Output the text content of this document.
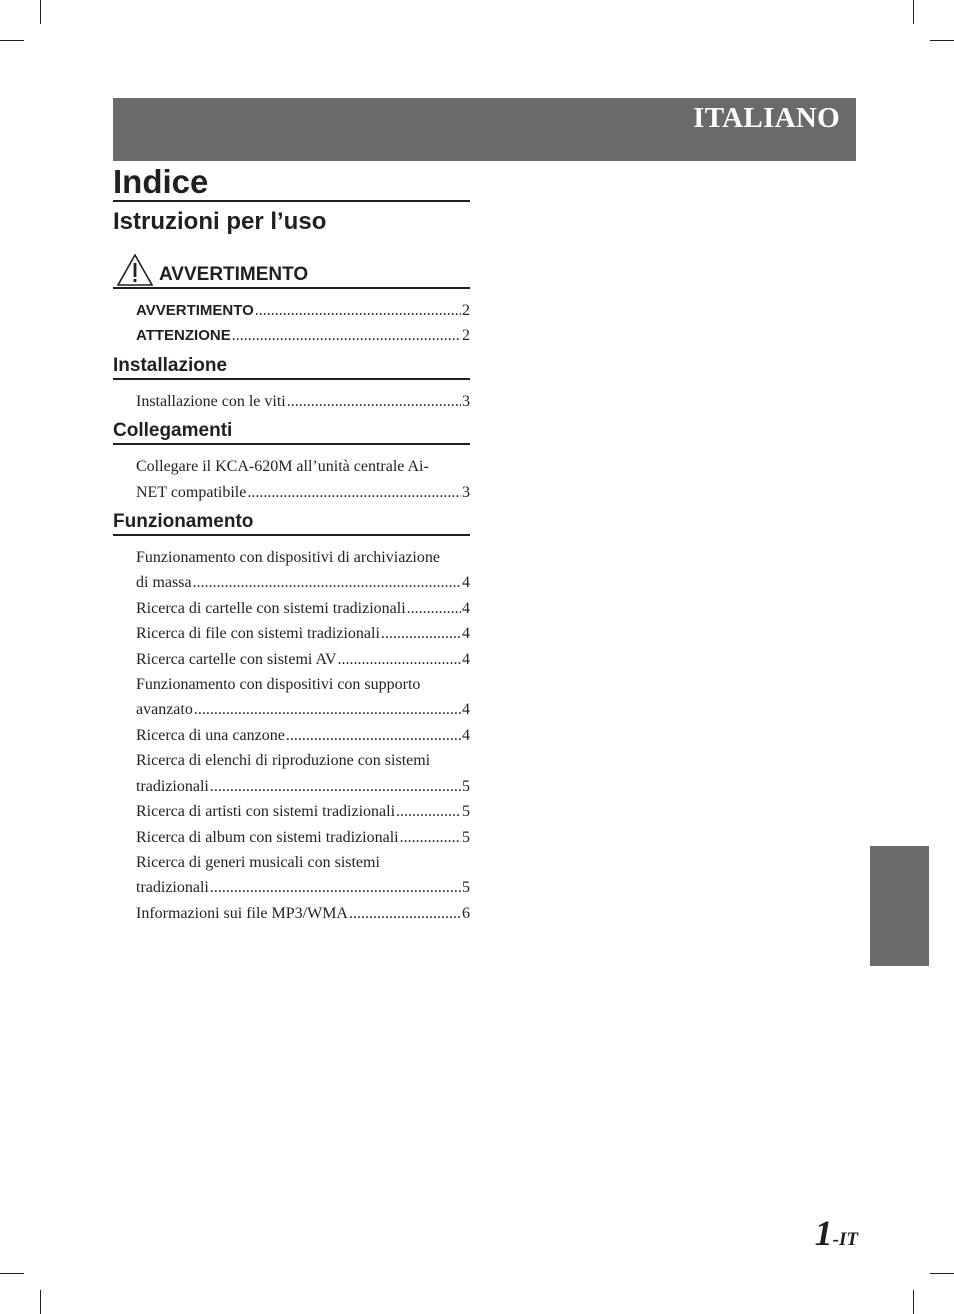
ITALIANO
Indice
Istruzioni per l’uso
AVVERTIMENTO
AVVERTIMENTO .....	2
ATTENZIONE .....	2
Installazione
Installazione con le viti .....	3
Collegamenti
Collegare il KCA-620M all’unità centrale Ai-
NET compatibile .....	3
Funzionamento
Funzionamento con dispositivi di archiviazione
di massa .....	4
Ricerca di cartelle con sistemi tradizionali .....	4
Ricerca di file con sistemi tradizionali .....	4
Ricerca cartelle con sistemi AV .....	4
Funzionamento con dispositivi con supporto
avanzato .....	4
Ricerca di una canzone .....	4
Ricerca di elenchi di riproduzione con sistemi
tradizionali .....	5
Ricerca di artisti con sistemi tradizionali .....	5
Ricerca di album con sistemi tradizionali .....	5
Ricerca di generi musicali con sistemi
tradizionali .....	5
Informazioni sui file MP3/WMA .....	6
1-IT
